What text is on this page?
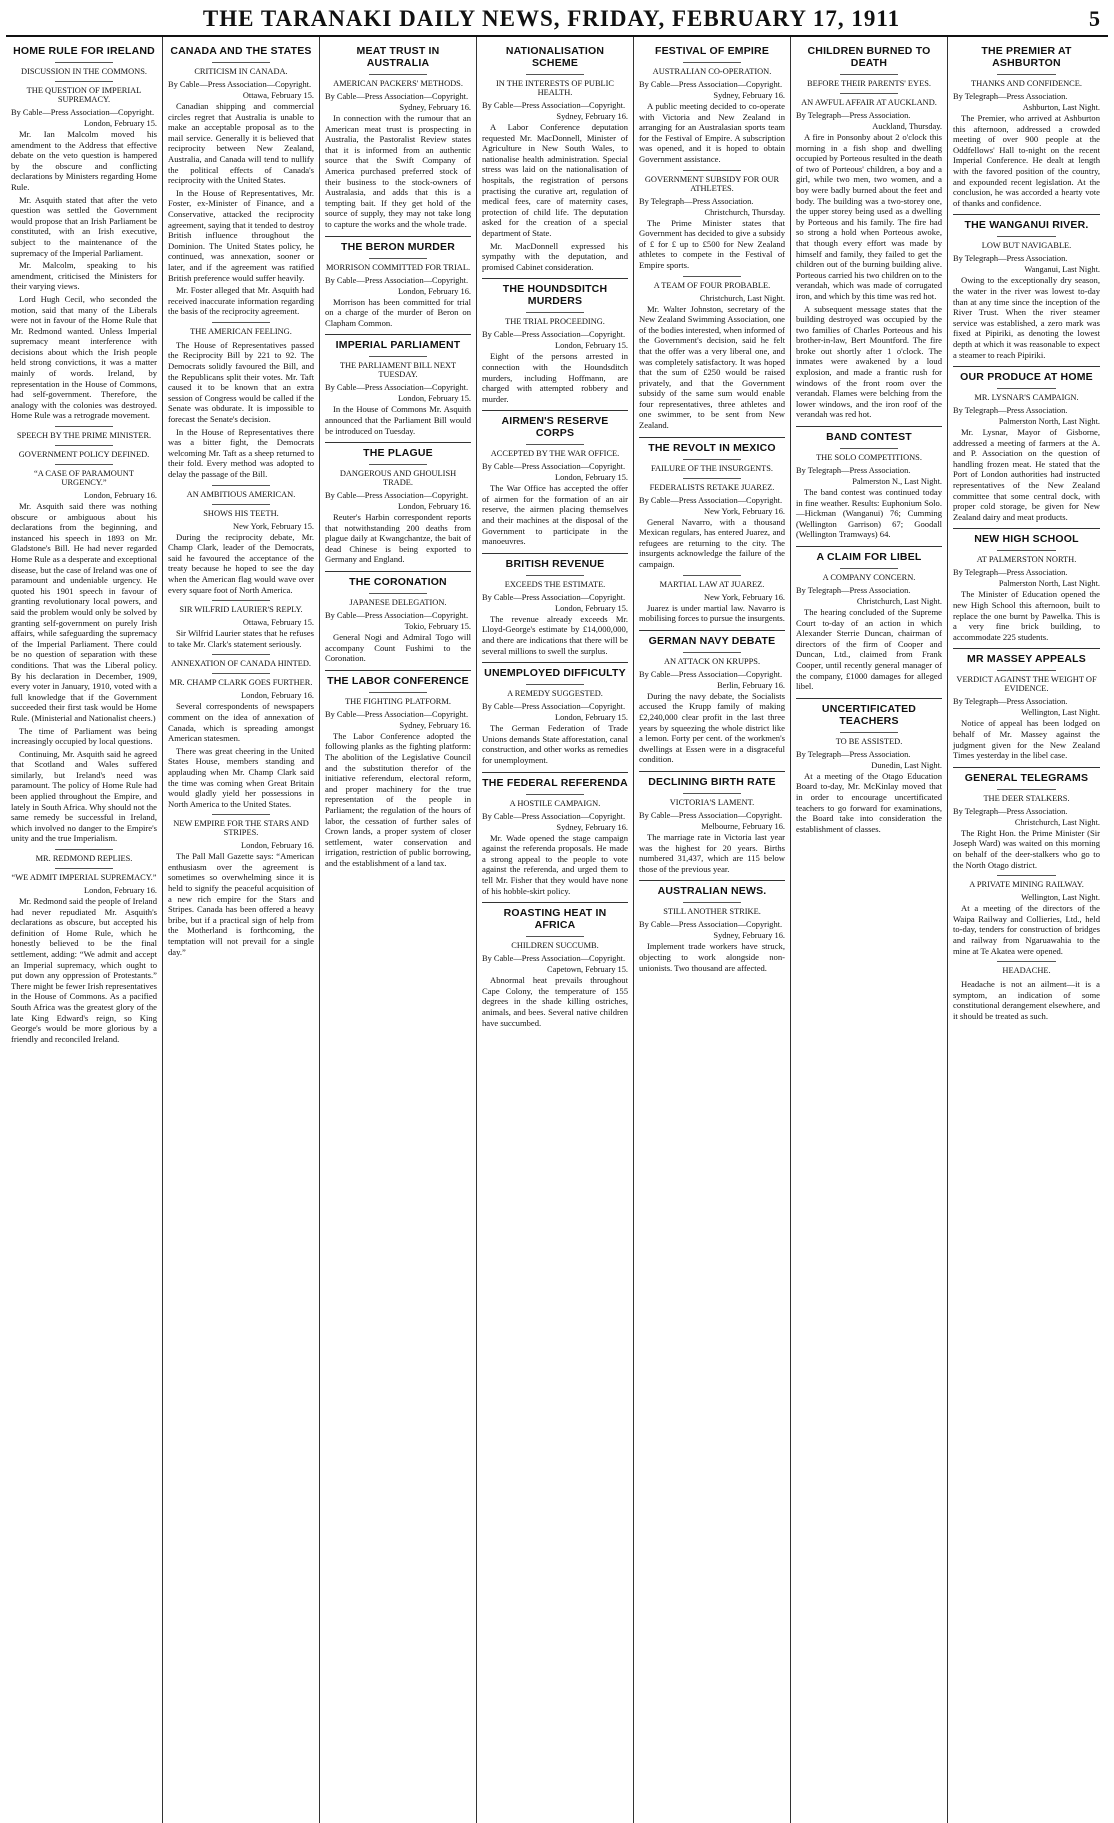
THE TARANAKI DAILY NEWS, FRIDAY, FEBRUARY 17, 1911	5
HOME RULE FOR IRELAND
DISCUSSION IN THE COMMONS.
THE QUESTION OF IMPERIAL SUPREMACY.
By Cable—Press Association—Copyright.
London, February 15.

Mr. Ian Malcolm moved his amendment to the Address that effective debate on the veto question is hampered by the obscure and conflicting declarations by Ministers regarding Home Rule.

Mr. Asquith stated that after the veto question was settled the Government would propose that an Irish Parliament be constituted, with an Irish executive, subject to the maintenance of the supremacy of the Imperial Parliament.

Mr. Malcolm, speaking to his amendment, criticised the Ministers for their varying views.

Lord Hugh Cecil, who seconded the motion, said that many of the Liberals were not in favour of the Home Rule that Mr. Redmond wanted. Unless Imperial supremacy meant interference with decisions about which the Irish people held strong convictions, it was a matter mainly of words. Ireland, by representation in the House of Commons, had self-government. Therefore, the analogy with the colonies was destroyed. Home Rule was a retrograde movement.

SPEECH BY THE PRIME MINISTER.
GOVERNMENT POLICY DEFINED.
“A CASE OF PARAMOUNT URGENCY.”
London, February 16.

Mr. Asquith said there was nothing obscure or ambiguous about his declarations from the beginning, and instanced his speech in 1893 on Mr. Gladstone's Bill. He had never regarded Home Rule as a desperate and exceptional disease, but the case of Ireland was one of paramount and undeniable urgency. He quoted his 1901 speech in favour of granting revolutionary local powers, and said the problem would only be solved by granting self-government on purely Irish affairs, while safeguarding the supremacy of the Imperial Parliament. There could be no question of separation with these conditions. That was the Liberal policy. By his declaration in December, 1909, every voter in January, 1910, voted with a full knowledge that if the Government succeeded their first task would be Home Rule. (Ministerial and Nationalist cheers.)

The time of Parliament was being increasingly occupied by local questions.

Continuing, Mr. Asquith said he agreed that Scotland and Wales suffered similarly, but Ireland's need was paramount. The policy of Home Rule had been applied throughout the Empire, and lately in South Africa. Why should not the same remedy be successful in Ireland, which involved no danger to the Empire's unity and the true Imperialism.

MR. REDMOND REPLIES.
“WE ADMIT IMPERIAL SUPREMACY.”
London, February 16.

Mr. Redmond said the people of Ireland had never repudiated Mr. Asquith's declarations as obscure, but accepted his definition of Home Rule, which he honestly believed to be the final settlement, adding: “We admit and accept an Imperial supremacy, which ought to put down any oppression of Protestants.” There might be fewer Irish representatives in the House of Commons. As a pacified South Africa was the greatest glory of the late King Edward's reign, so King George's would be more glorious by a friendly and reconciled Ireland.

CANADA AND THE STATES
CRITICISM IN CANADA.
By Cable—Press Association—Copyright.
Ottawa, February 15.

Canadian shipping and commercial circles regret that Australia is unable to make an acceptable proposal as to the mail service. Generally it is believed that reciprocity between New Zealand, Australia, and Canada will tend to nullify the political effects of Canada's reciprocity with the United States.

In the House of Representatives, Mr. Foster, ex-Minister of Finance, and a Conservative, attacked the reciprocity agreement, saying that it tended to destroy British influence throughout the Dominion. The United States policy, he continued, was annexation, sooner or later, and if the agreement was ratified British preference would suffer heavily.

Mr. Foster alleged that Mr. Asquith had received inaccurate information regarding the basis of the reciprocity agreement.

THE AMERICAN FEELING.

The House of Representatives passed the Reciprocity Bill by 221 to 92. The Democrats solidly favoured the Bill, and the Republicans split their votes. Mr. Taft caused it to be known that an extra session of Congress would be called if the Senate was obdurate. It is impossible to forecast the Senate's decision.

In the House of Representatives there was a bitter fight, the Democrats welcoming Mr. Taft as a sheep returned to their fold. Every method was adopted to delay the passage of the Bill.

AN AMBITIOUS AMERICAN.
SHOWS HIS TEETH.
New York, February 15.

During the reciprocity debate, Mr. Champ Clark, leader of the Democrats, said he favoured the acceptance of the treaty because he hoped to see the day when the American flag would wave over every square foot of North America.

SIR WILFRID LAURIER'S REPLY.
Ottawa, February 15.

Sir Wilfrid Laurier states that he refuses to take Mr. Clark's statement seriously.

ANNEXATION OF CANADA HINTED.
MR. CHAMP CLARK GOES FURTHER.
London, February 16.

Several correspondents of newspapers comment on the idea of annexation of Canada, which is spreading amongst American statesmen.

There was great cheering in the United States House, members standing and applauding when Mr. Champ Clark said the time was coming when Great Britain would gladly yield her possessions in North America to the United States.

NEW EMPIRE FOR THE STARS AND STRIPES.
London, February 16.

The Pall Mall Gazette says: “American enthusiasm over the agreement is sometimes so overwhelming since it is held to signify the peaceful acquisition of a new rich empire for the Stars and Stripes. Canada has been offered a heavy bribe, but if a practical sign of help from the Motherland is forthcoming, the temptation will not prevail for a single day.”

MEAT TRUST IN AUSTRALIA
AMERICAN PACKERS' METHODS.
By Cable—Press Association—Copyright.
Sydney, February 16.

In connection with the rumour that an American meat trust is prospecting in Australia, the Pastoralist Review states that it is informed from an authentic source that the Swift Company of America purchased preferred stock of their business to the stock-owners of Australasia, and adds that this is a tempting bait. If they get hold of the source of supply, they may not take long to capture the works and the whole trade.

THE BERON MURDER
MORRISON COMMITTED FOR TRIAL.
By Cable—Press Association—Copyright.
London, February 16.

Morrison has been committed for trial on a charge of the murder of Beron on Clapham Common.

IMPERIAL PARLIAMENT
THE PARLIAMENT BILL NEXT TUESDAY.
By Cable—Press Association—Copyright.
London, February 15.

In the House of Commons Mr. Asquith announced that the Parliament Bill would be introduced on Tuesday.

THE PLAGUE
DANGEROUS AND GHOULISH TRADE.
By Cable—Press Association—Copyright.
London, February 16.

Reuter's Harbin correspondent reports that notwithstanding 200 deaths from plague daily at Kwangchantze, the bait of dead Chinese is being exported to Germany and England.

THE CORONATION
JAPANESE DELEGATION.
By Cable—Press Association—Copyright.
Tokio, February 15.

General Nogi and Admiral Togo will accompany Count Fushimi to the Coronation.

THE LABOR CONFERENCE
THE FIGHTING PLATFORM.
By Cable—Press Association—Copyright.
Sydney, February 16.

The Labor Conference adopted the following planks as the fighting platform: The abolition of the Legislative Council and the substitution therefor of the initiative referendum, electoral reform, and proper machinery for the true representation of the people in Parliament; the regulation of the hours of labor, the cessation of further sales of Crown lands, a proper system of closer settlement, water conservation and irrigation, restriction of public borrowing, and the establishment of a land tax.

NATIONALISATION SCHEME
IN THE INTERESTS OF PUBLIC HEALTH.
By Cable—Press Association—Copyright.
Sydney, February 16.

A Labor Conference deputation requested Mr. MacDonnell, Minister of Agriculture in New South Wales, to nationalise health administration. Special stress was laid on the nationalisation of hospitals, the registration of persons practising the curative art, regulation of medical fees, care of maternity cases, protection of child life. The deputation asked for the creation of a special department of State.

Mr. MacDonnell expressed his sympathy with the deputation, and promised Cabinet consideration.

THE HOUNDSDITCH MURDERS
THE TRIAL PROCEEDING.
By Cable—Press Association—Copyright.
London, February 15.

Eight of the persons arrested in connection with the Houndsditch murders, including Hoffmann, are charged with attempted robbery and murder.

AIRMEN'S RESERVE CORPS
ACCEPTED BY THE WAR OFFICE.
By Cable—Press Association—Copyright.
London, February 15.

The War Office has accepted the offer of airmen for the formation of an air reserve, the airmen placing themselves and their machines at the disposal of the Government to participate in the manoeuvres.

BRITISH REVENUE
EXCEEDS THE ESTIMATE.
By Cable—Press Association—Copyright.
London, February 15.

The revenue already exceeds Mr. Lloyd-George's estimate by £14,000,000, and there are indications that there will be several millions to swell the surplus.

UNEMPLOYED DIFFICULTY
A REMEDY SUGGESTED.
By Cable—Press Association—Copyright.
London, February 15.

The German Federation of Trade Unions demands State afforestation, canal construction, and other works as remedies for unemployment.

THE FEDERAL REFERENDA
A HOSTILE CAMPAIGN.
By Cable—Press Association—Copyright.
Sydney, February 16.

Mr. Wade opened the stage campaign against the referenda proposals. He made a strong appeal to the people to vote against the referenda, and urged them to tell Mr. Fisher that they would have none of his hobble-skirt policy.

ROASTING HEAT IN AFRICA
CHILDREN SUCCUMB.
By Cable—Press Association—Copyright.
Capetown, February 15.

Abnormal heat prevails throughout Cape Colony, the temperature of 155 degrees in the shade killing ostriches, animals, and bees. Several native children have succumbed.

FESTIVAL OF EMPIRE
AUSTRALIAN CO-OPERATION.
By Cable—Press Association—Copyright.
Sydney, February 16.

A public meeting decided to co-operate with Victoria and New Zealand in arranging for an Australasian sports team for the Festival of Empire. A subscription was opened, and it is hoped to obtain Government assistance.

GOVERNMENT SUBSIDY FOR OUR ATHLETES.
By Telegraph—Press Association.
Christchurch, Thursday.

The Prime Minister states that Government has decided to give a subsidy of £ for £ up to £500 for New Zealand athletes to compete in the Festival of Empire sports.

A TEAM OF FOUR PROBABLE.
Christchurch, Last Night.

Mr. Walter Johnston, secretary of the New Zealand Swimming Association, one of the bodies interested, when informed of the Government's decision, said he felt that the offer was a very liberal one, and was completely satisfactory. It was hoped that the sum of £250 would be raised privately, and that the Government subsidy of the same sum would enable four representatives, three athletes and one swimmer, to be sent from New Zealand.

THE REVOLT IN MEXICO
FAILURE OF THE INSURGENTS.
FEDERALISTS RETAKE JUAREZ.
By Cable—Press Association—Copyright.
New York, February 16.

General Navarro, with a thousand Mexican regulars, has entered Juarez, and refugees are returning to the city. The insurgents acknowledge the failure of the campaign.

MARTIAL LAW AT JUAREZ.
New York, February 16.

Juarez is under martial law. Navarro is mobilising forces to pursue the insurgents.

GERMAN NAVY DEBATE
AN ATTACK ON KRUPPS.
By Cable—Press Association—Copyright.
Berlin, February 16.

During the navy debate, the Socialists accused the Krupp family of making £2,240,000 clear profit in the last three years by squeezing the whole district like a lemon. Forty per cent. of the workmen's dwellings at Essen were in a disgraceful condition.

DECLINING BIRTH RATE
VICTORIA'S LAMENT.
By Cable—Press Association—Copyright.
Melbourne, February 16.

The marriage rate in Victoria last year was the highest for 20 years. Births numbered 31,437, which are 115 below those of the previous year.

AUSTRALIAN NEWS.
STILL ANOTHER STRIKE.
By Cable—Press Association—Copyright.
Sydney, February 16.

Implement trade workers have struck, objecting to work alongside non-unionists. Two thousand are affected.

CHILDREN BURNED TO DEATH
BEFORE THEIR PARENTS' EYES.
AN AWFUL AFFAIR AT AUCKLAND.
By Telegraph—Press Association.
Auckland, Thursday.

A fire in Ponsonby about 2 o'clock this morning in a fish shop and dwelling occupied by Porteous resulted in the death of two of Porteous' children, a boy and a girl, while two men, two women, and a boy were badly burned about the feet and body. The building was a two-storey one, the upper storey being used as a dwelling by Porteous and his family. The fire had so strong a hold when Porteous awoke, that though every effort was made by himself and family, they failed to get the children out of the burning building alive. Porteous carried his two children on to the verandah, which was made of corrugated iron, and which by this time was red hot.

A subsequent message states that the building destroyed was occupied by the two families of Charles Porteous and his brother-in-law, Bert Mountford. The fire broke out shortly after 1 o'clock. The inmates were awakened by a loud explosion, and made a frantic rush for windows of the front room over the verandah. Flames were belching from the lower windows, and the iron roof of the verandah was red hot.

BAND CONTEST
THE SOLO COMPETITIONS.
By Telegraph—Press Association.
Palmerston N., Last Night.

The band contest was continued today in fine weather. Results: Euphonium Solo.—Hickman (Wanganui) 76; Cumming (Wellington Garrison) 67; Goodall (Wellington Tramways) 64.

A CLAIM FOR LIBEL
A COMPANY CONCERN.
By Telegraph—Press Association.
Christchurch, Last Night.

The hearing concluded of the Supreme Court to-day of an action in which Alexander Sterrie Duncan, chairman of directors of the firm of Cooper and Duncan, Ltd., claimed from Frank Cooper, until recently general manager of the company, £1000 damages for alleged libel.

UNCERTIFICATED TEACHERS
TO BE ASSISTED.
By Telegraph—Press Association.
Dunedin, Last Night.

At a meeting of the Otago Education Board to-day, Mr. McKinlay moved that in order to encourage uncertificated teachers to go forward for examinations, the Board take into consideration the establishment of classes.

THE PREMIER AT ASHBURTON
THANKS AND CONFIDENCE.
By Telegraph—Press Association.
Ashburton, Last Night.

The Premier, who arrived at Ashburton this afternoon, addressed a crowded meeting of over 900 people at the Oddfellows' Hall to-night on the recent Imperial Conference. He dealt at length with the favored position of the country, and expounded recent legislation. At the conclusion, he was accorded a hearty vote of thanks and confidence.

THE WANGANUI RIVER.
LOW BUT NAVIGABLE.
By Telegraph—Press Association.
Wanganui, Last Night.

Owing to the exceptionally dry season, the water in the river was lowest to-day than at any time since the inception of the River Trust. When the river steamer service was established, a zero mark was fixed at Pipiriki, as denoting the lowest depth at which it was reasonable to expect a steamer to reach Pipiriki.

OUR PRODUCE AT HOME
MR. LYSNAR'S CAMPAIGN.
By Telegraph—Press Association.
Palmerston North, Last Night.

Mr. Lysnar, Mayor of Gisborne, addressed a meeting of farmers at the A. and P. Association on the question of handling frozen meat. He stated that the Port of London authorities had instructed representatives of the New Zealand committee that some central dock, with proper cold storage, be given for New Zealand dairy and meat products.

NEW HIGH SCHOOL
AT PALMERSTON NORTH.
By Telegraph—Press Association.
Palmerston North, Last Night.

The Minister of Education opened the new High School this afternoon, built to replace the one burnt by Pawelka. This is a very fine brick building, to accommodate 225 students.

MR MASSEY APPEALS
VERDICT AGAINST THE WEIGHT OF EVIDENCE.
By Telegraph—Press Association.
Wellington, Last Night.

Notice of appeal has been lodged on behalf of Mr. Massey against the judgment given for the New Zealand Times yesterday in the libel case.

GENERAL TELEGRAMS
THE DEER STALKERS.
By Telegraph—Press Association.
Christchurch, Last Night.

The Right Hon. the Prime Minister (Sir Joseph Ward) was waited on this morning on behalf of the deer-stalkers who go to the North Otago district.

A PRIVATE MINING RAILWAY.
Wellington, Last Night.

At a meeting of the directors of the Waipa Railway and Collieries, Ltd., held to-day, tenders for construction of bridges and railway from Ngaruawahia to the mine at Te Akatea were opened.

HEADACHE.

Headache is not an ailment—it is a symptom, an indication of some constitutional derangement elsewhere, and it should be treated as such.
